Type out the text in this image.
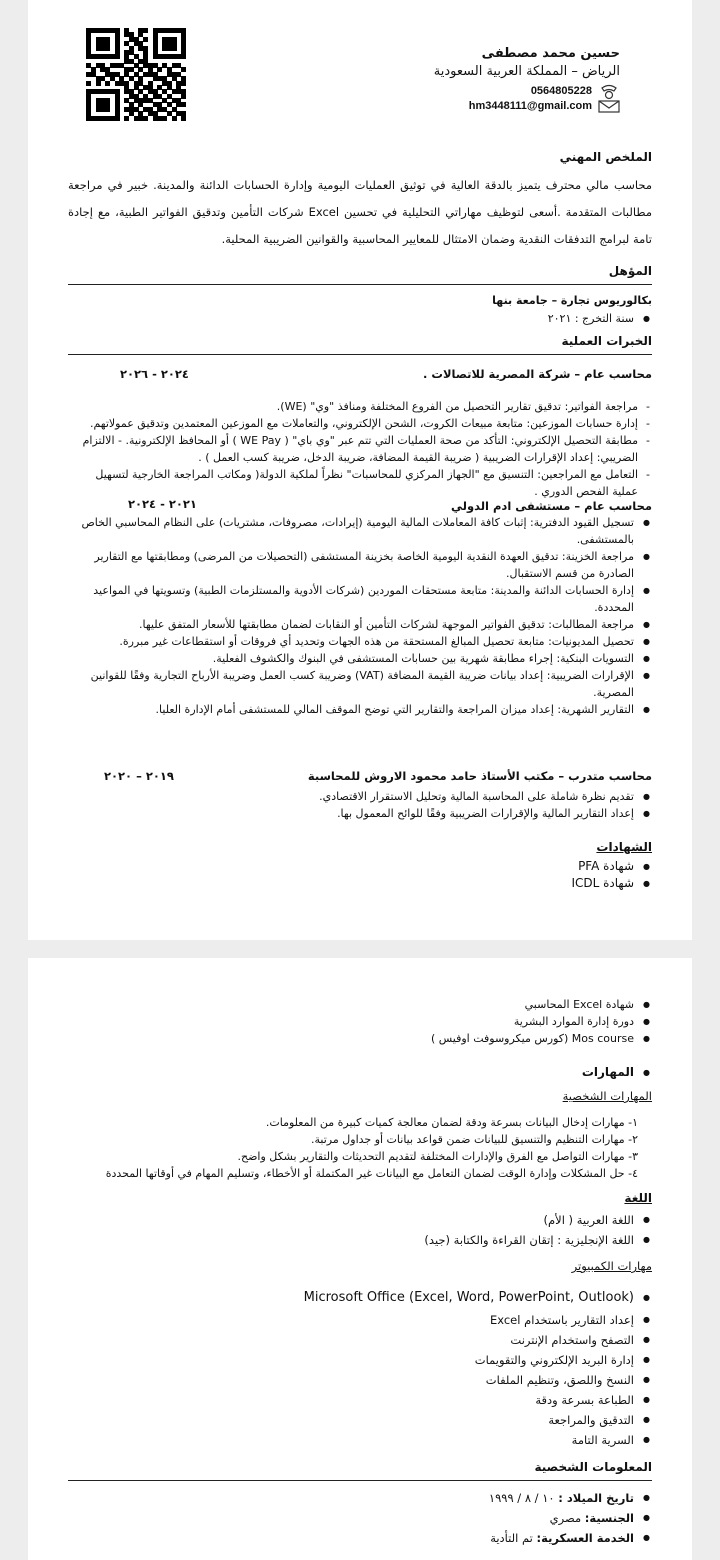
حسين محمد مصطفى
الرياض – المملكة العربية السعودية
0564805228
hm3448111@gmail.com
الملخص المهني
محاسب مالي محترف يتميز بالدقة العالية في توثيق العمليات اليومية وإدارة الحسابات الدائنة والمدينة. خبير في مراجعة مطالبات المتقدمة .أسعى لتوظيف مهاراتي التحليلية في تحسين Excel شركات التأمين وتدقيق الفواتير الطبية، مع إجادة تامة لبرامج التدفقات النقدية وضمان الامتثال للمعايير المحاسبية والقوانين الضريبية المحلية.
المؤهل
بكالوريوس تجارة – جامعة بنها
● سنة التخرج : ٢٠٢١
الخبرات العملية
محاسب عام – شركة المصرية للاتصالات .
٢٠٢٤ - ٢٠٢٦
- مراجعة الفواتير: تدقيق تقارير التحصيل من الفروع المختلفة ومنافذ "وي" (WE).
- إدارة حسابات الموزعين: متابعة مبيعات الكروت، الشحن الإلكتروني، والتعاملات مع الموزعين المعتمدين وتدقيق عمولاتهم.
- مطابقة التحصيل الإلكتروني: التأكد من صحة العمليات التي تتم عبر "وي باي" ( WE Pay ) أو المحافظ الإلكترونية. - الالتزام الضريبي: إعداد الإقرارات الضريبية ( ضريبة القيمة المضافة، ضريبة الدخل، ضريبة كسب العمل ) .
- التعامل مع المراجعين: التنسيق مع "الجهاز المركزي للمحاسبات" نظراً لملكية الدولة( ومكاتب المراجعة الخارجية لتسهيل عملية الفحص الدوري .
محاسب عام – مستشفى ادم الدولي
٢٠٢١ - ٢٠٢٤
● تسجيل القيود الدفترية: إثبات كافة المعاملات المالية اليومية (إيرادات، مصروفات، مشتريات) على النظام المحاسبي الخاص بالمستشفى.
● مراجعة الخزينة: تدقيق العهدة النقدية اليومية الخاصة بخزينة المستشفى (التحصيلات من المرضى) ومطابقتها مع التقارير الصادرة من قسم الاستقبال.
● إدارة الحسابات الدائنة والمدينة: متابعة مستحقات الموردين (شركات الأدوية والمستلزمات الطبية) وتسويتها في المواعيد المحددة.
● مراجعة المطالبات: تدقيق الفواتير الموجهة لشركات التأمين أو النقابات لضمان مطابقتها للأسعار المتفق عليها.
● تحصيل المديونيات: متابعة تحصيل المبالغ المستحقة من هذه الجهات وتحديد أي فروقات أو استقطاعات غير مبررة.
● التسويات البنكية: إجراء مطابقة شهرية بين حسابات المستشفى في البنوك والكشوف الفعلية.
● الإقرارات الضريبية: إعداد بيانات ضريبة القيمة المضافة (VAT) وضريبة كسب العمل وضريبة الأرباح التجارية وفقًا للقوانين المصرية.
● التقارير الشهرية: إعداد ميزان المراجعة والتقارير التي توضح الموقف المالي للمستشفى أمام الإدارة العليا.
محاسب متدرب – مكتب الأستاذ حامد محمود الاروش للمحاسبة
٢٠١٩ – ٢٠٢٠
● تقديم نظرة شاملة على المحاسبة المالية وتحليل الاستقرار الاقتصادي.
● إعداد التقارير المالية والإقرارات الضريبية وفقًا للوائح المعمول بها.
الشهادات
● شهادة PFA
● شهادة ICDL
● شهادة Excel المحاسبي
● دورة إدارة الموارد البشرية
● Mos course (كورس ميكروسوفت اوفيس )
● المهارات
المهارات الشخصية
١- مهارات إدخال البيانات بسرعة ودقة لضمان معالجة كميات كبيرة من المعلومات.
٢- مهارات التنظيم والتنسيق للبيانات ضمن قواعد بيانات أو جداول مرتبة.
٣- مهارات التواصل مع الفرق والإدارات المختلفة لتقديم التحديثات والتقارير بشكل واضح.
٤- حل المشكلات وإدارة الوقت لضمان التعامل مع البيانات غير المكتملة أو الأخطاء، وتسليم المهام في أوقاتها المحددة
اللغة
● اللغة العربية ( الأم)
● اللغة الإنجليزية : إتقان القراءة والكتابة (جيد)
مهارات الكمبيوتر
● Microsoft Office (Excel, Word, PowerPoint, Outlook)
● إعداد التقارير باستخدام Excel
● التصفح واستخدام الإنترنت
● إدارة البريد الإلكتروني والتقويمات
● النسخ واللصق، وتنظيم الملفات
● الطباعة بسرعة ودقة
● التدقيق والمراجعة
● السرية التامة
المعلومات الشخصية
● تاريخ الميلاد : ١٠ / ٨ / ١٩٩٩
● الجنسية: مصري
● الخدمة العسكرية: تم التأدية
